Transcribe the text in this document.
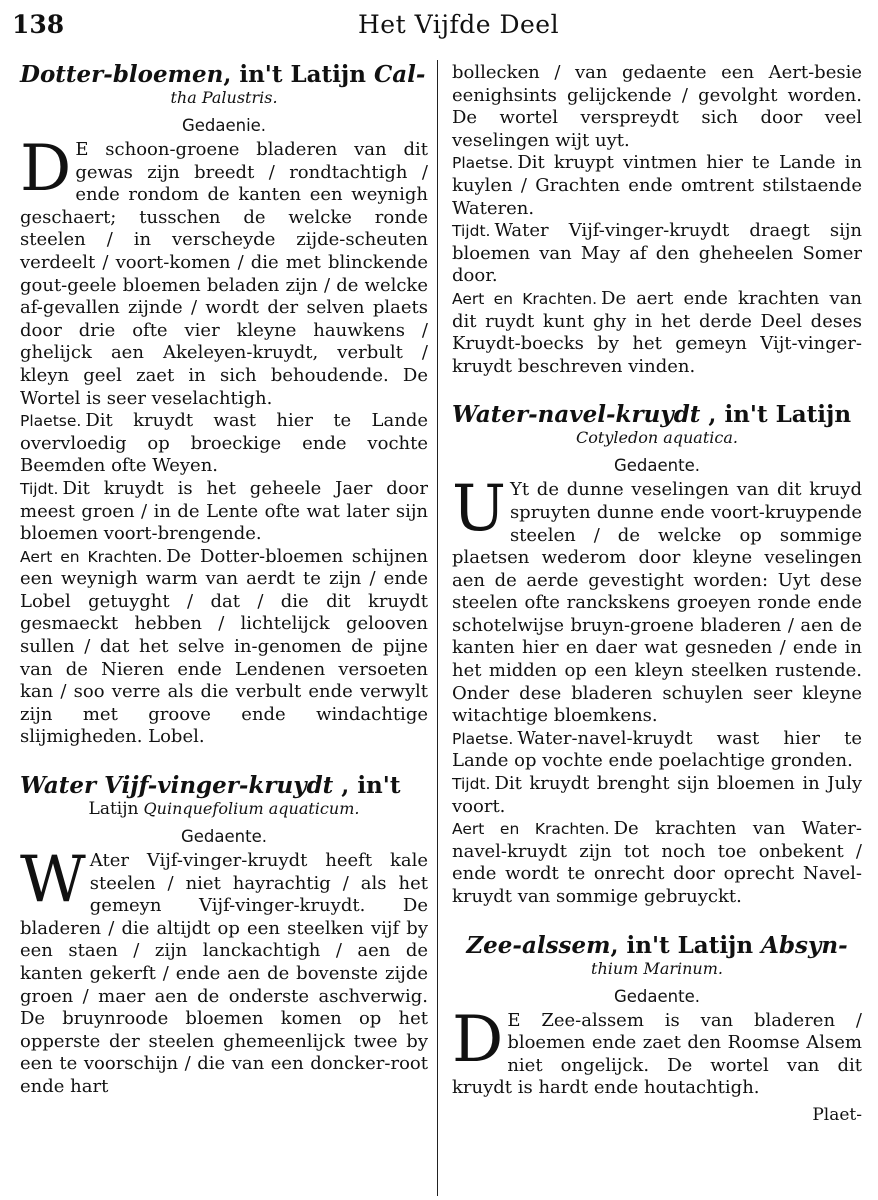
138	Het Vijfde Deel
Dotter-bloemen, in't Latijn Cal-

tha Palustris.

Gedaenie.

D E schoon-groene bladeren van dit gewas zijn breedt / rondtachtigh / ende rondom de kanten een weynigh geschaert; tusschen de welcke ronde steelen / in verscheyde zijde-scheuten verdeelt / voort-komen / die met blinckende gout-geele bloemen beladen zijn / de welcke af-gevallen zijnde / wordt der selven plaets door drie ofte vier kleyne hauwkens / ghelijck aen Akeleyen-kruydt, verbult / kleyn geel zaet in sich behoudende. De Wortel is seer veselachtigh.

Plaetse. Dit kruydt wast hier te Lande overvloedig op broeckige ende vochte Beemden ofte Weyen.

Tijdt. Dit kruydt is het geheele Jaer door meest groen / in de Lente ofte wat later sijn bloemen voort-brengende.

Aert en Krachten. De Dotter-bloemen schijnen een weynigh warm van aerdt te zijn / ende Lobel getuyght / dat / die dit kruydt gesmaeckt hebben / lichtelijck gelooven sullen / dat het selve in-genomen de pijne van de Nieren ende Lendenen versoeten kan / soo verre als die verbult ende verwylt zijn met groove ende windachtige slijmigheden. Lobel.

Water Vijf-vinger-kruydt , in't

Latijn Quinquefolium aquaticum.

Gedaente.

W Ater Vijf-vinger-kruydt heeft kale steelen / niet hayrachtig / als het gemeyn Vijf-vinger-kruydt. De bladeren / die altijdt op een steelken vijf by een staen / zijn lanckachtigh / aen de kanten gekerft / ende aen de bovenste zijde groen / maer aen de onderste aschverwig. De bruynroode bloemen komen op het opperste der steelen ghemeenlijck twee by een te voorschijn / die van een doncker-root ende hart

bollecken / van gedaente een Aert-besie eenighsints gelijckende / gevolght worden. De wortel verspreydt sich door veel veselingen wijt uyt.

Plaetse. Dit kruypt vintmen hier te Lande in kuylen / Grachten ende omtrent stilstaende Wateren.

Tijdt. Water Vijf-vinger-kruydt draegt sijn bloemen van May af den gheheelen Somer door.

Aert en Krachten. De aert ende krachten van dit ruydt kunt ghy in het derde Deel deses Kruydt-boecks by het gemeyn Vijt-vinger-kruydt beschreven vinden.

Water-navel-kruydt , in't Latijn

Cotyledon aquatica.

Gedaente.

U Yt de dunne veselingen van dit kruyd spruyten dunne ende voort-kruypende steelen / de welcke op sommige plaetsen wederom door kleyne veselingen aen de aerde gevestight worden: Uyt dese steelen ofte ranckskens groeyen ronde ende schotelwijse bruyn-groene bladeren / aen de kanten hier en daer wat gesneden / ende in het midden op een kleyn steelken rustende. Onder dese bladeren schuylen seer kleyne witachtige bloemkens.

Plaetse. Water-navel-kruydt wast hier te Lande op vochte ende poelachtige gronden.

Tijdt. Dit kruydt brenght sijn bloemen in July voort.

Aert en Krachten. De krachten van Water-navel-kruydt zijn tot noch toe onbekent / ende wordt te onrecht door oprecht Navel-kruydt van sommige gebruyckt.

Zee-alssem, in't Latijn Absyn-

thium Marinum.

Gedaente.

D E Zee-alssem is van bladeren / bloemen ende zaet den Roomse Alsem niet ongelijck. De wortel van dit kruydt is hardt ende houtachtigh.

Plaet-
